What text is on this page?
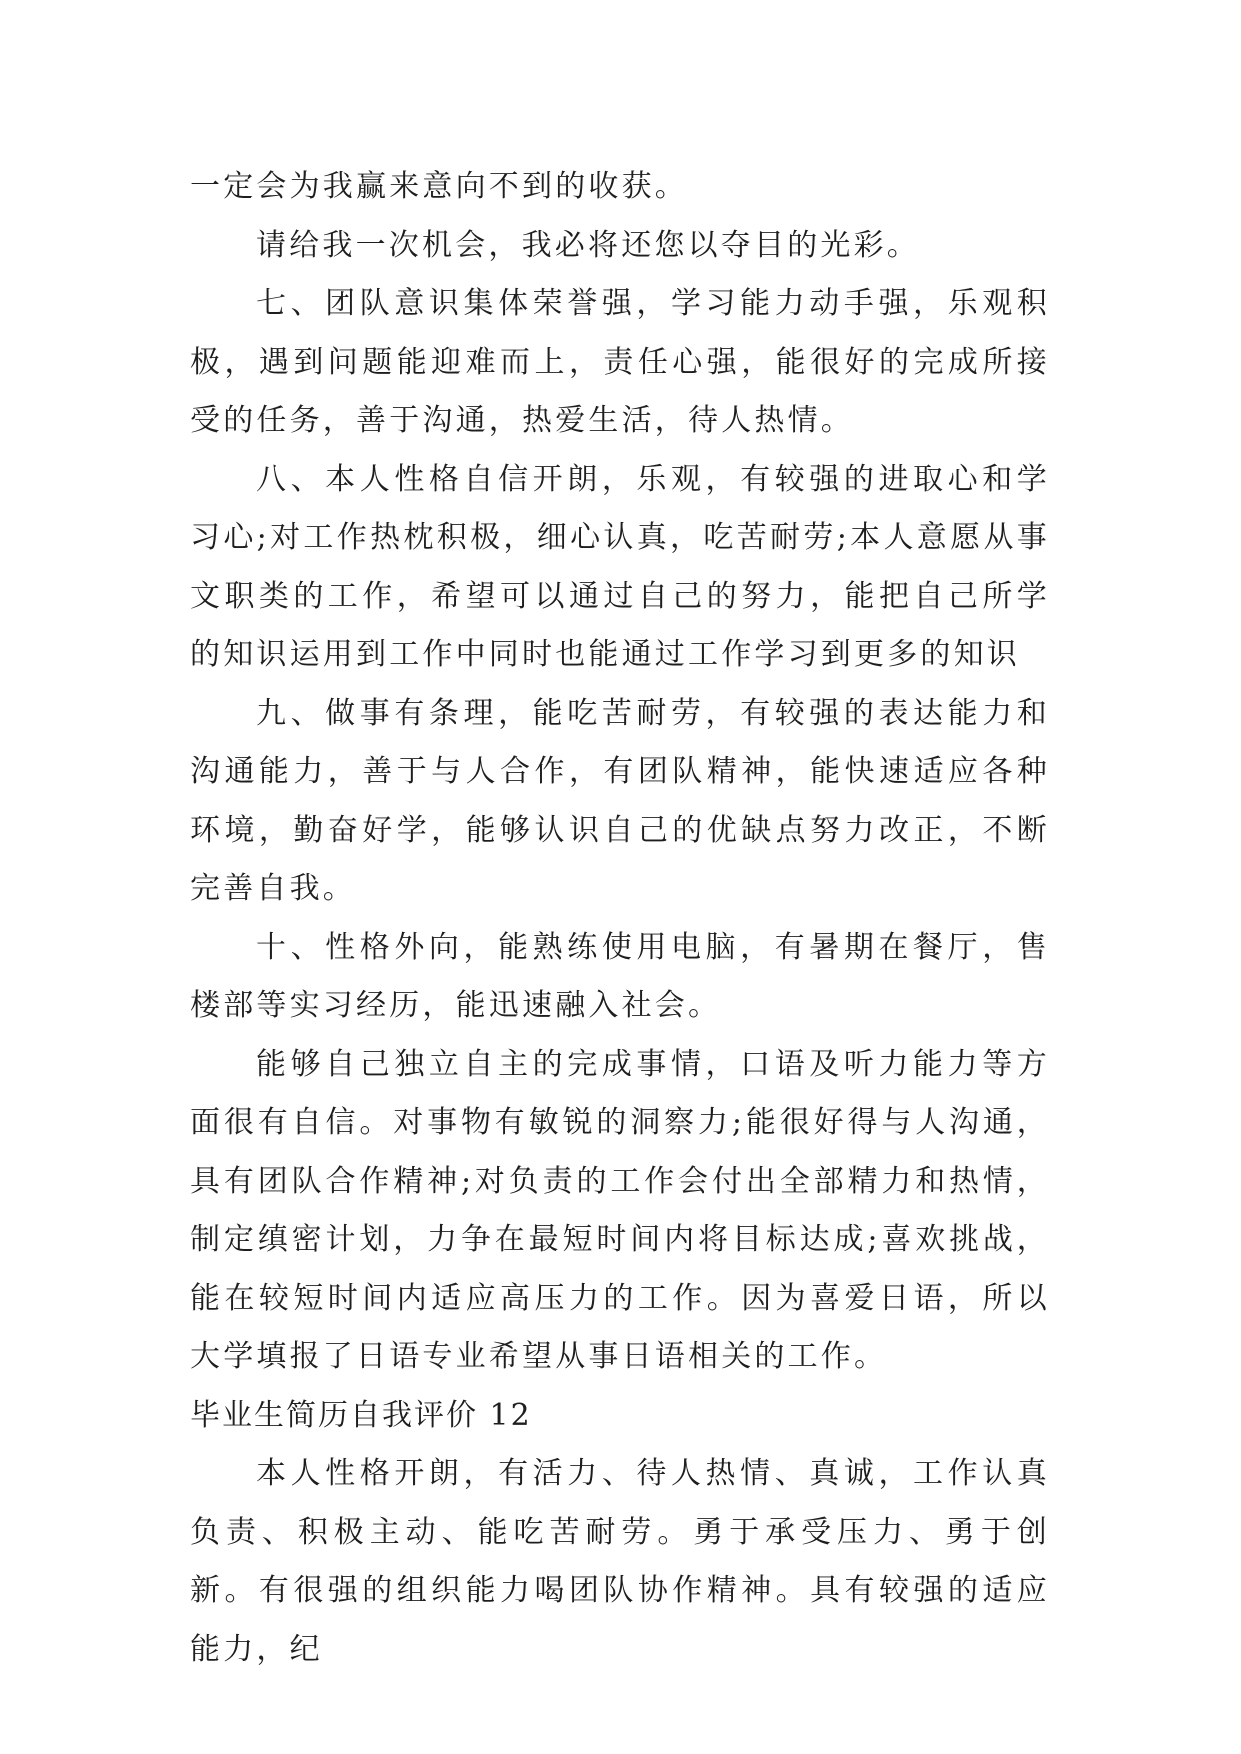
一定会为我赢来意向不到的收获。

请给我一次机会，我必将还您以夺目的光彩。

七、团队意识集体荣誉强，学习能力动手强，乐观积极，遇到问题能迎难而上，责任心强，能很好的完成所接受的任务，善于沟通，热爱生活，待人热情。

八、本人性格自信开朗，乐观，有较强的进取心和学习心;对工作热枕积极，细心认真，吃苦耐劳;本人意愿从事文职类的工作，希望可以通过自己的努力，能把自己所学的知识运用到工作中同时也能通过工作学习到更多的知识

九、做事有条理，能吃苦耐劳，有较强的表达能力和沟通能力，善于与人合作，有团队精神，能快速适应各种环境，勤奋好学，能够认识自己的优缺点努力改正，不断完善自我。

十、性格外向，能熟练使用电脑，有暑期在餐厅，售楼部等实习经历，能迅速融入社会。

能够自己独立自主的完成事情，口语及听力能力等方面很有自信。对事物有敏锐的洞察力;能很好得与人沟通，具有团队合作精神;对负责的工作会付出全部精力和热情，制定缜密计划，力争在最短时间内将目标达成;喜欢挑战，能在较短时间内适应高压力的工作。因为喜爱日语，所以大学填报了日语专业希望从事日语相关的工作。

毕业生简历自我评价 12

本人性格开朗，有活力、待人热情、真诚，工作认真负责、积极主动、能吃苦耐劳。勇于承受压力、勇于创新。有很强的组织能力喝团队协作精神。具有较强的适应能力，纪
